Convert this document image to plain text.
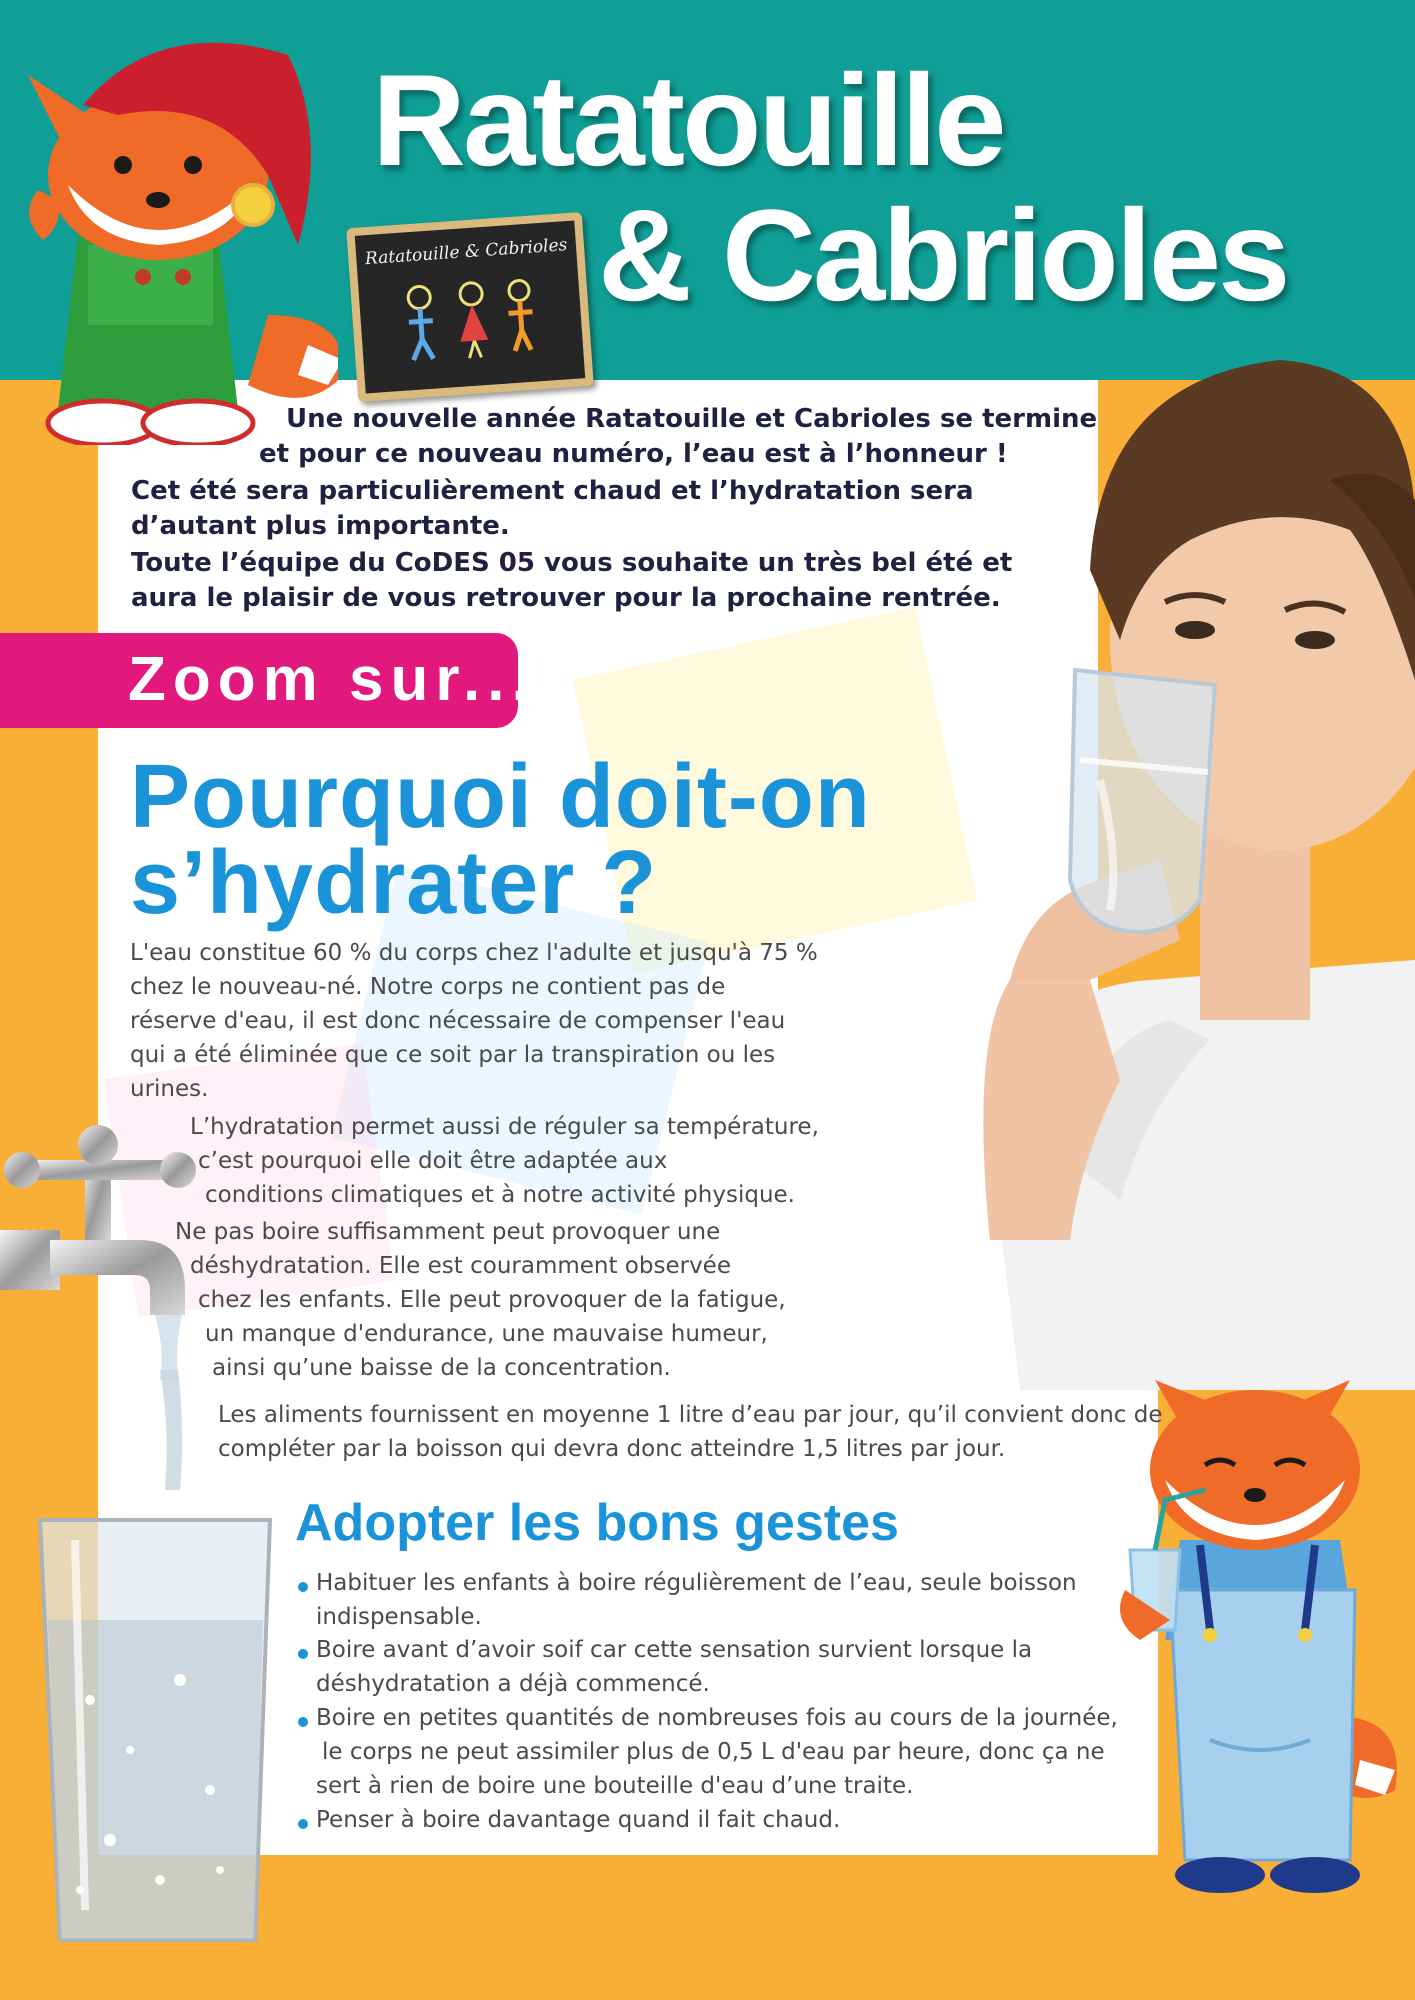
Ratatouille & Cabrioles
Ratatouille
& Cabrioles
Une nouvelle année Ratatouille et Cabrioles se termine
et pour ce nouveau numéro, l’eau est à l’honneur !
Cet été sera particulièrement chaud et l’hydratation sera
d’autant plus importante.
Toute l’équipe du CoDES 05 vous souhaite un très bel été et
aura le plaisir de vous retrouver pour la prochaine rentrée.
Zoom sur...
Pourquoi doit-on
s’hydrater ?
L'eau constitue 60 % du corps chez l'adulte et jusqu'à 75 %
chez le nouveau-né. Notre corps ne contient pas de
réserve d'eau, il est donc nécessaire de compenser l'eau
qui a été éliminée que ce soit par la transpiration ou les
urines.
L’hydratation permet aussi de réguler sa température,
c’est pourquoi elle doit être adaptée aux
conditions climatiques et à notre activité physique.
Ne pas boire suffisamment peut provoquer une
déshydratation. Elle est couramment observée
chez les enfants. Elle peut provoquer de la fatigue,
un manque d'endurance, une mauvaise humeur,
ainsi qu’une baisse de la concentration.
Les aliments fournissent en moyenne 1 litre d’eau par jour, qu’il convient donc de
compléter par la boisson qui devra donc atteindre 1,5 litres par jour.
Adopter les bons gestes
Habituer les enfants à boire régulièrement de l’eau, seule boisson
indispensable.
Boire avant d’avoir soif car cette sensation survient lorsque la
déshydratation a déjà commencé.
Boire en petites quantités de nombreuses fois au cours de la journée,
le corps ne peut assimiler plus de 0,5 L d'eau par heure, donc ça ne
sert à rien de boire une bouteille d'eau d’une traite.
Penser à boire davantage quand il fait chaud.
